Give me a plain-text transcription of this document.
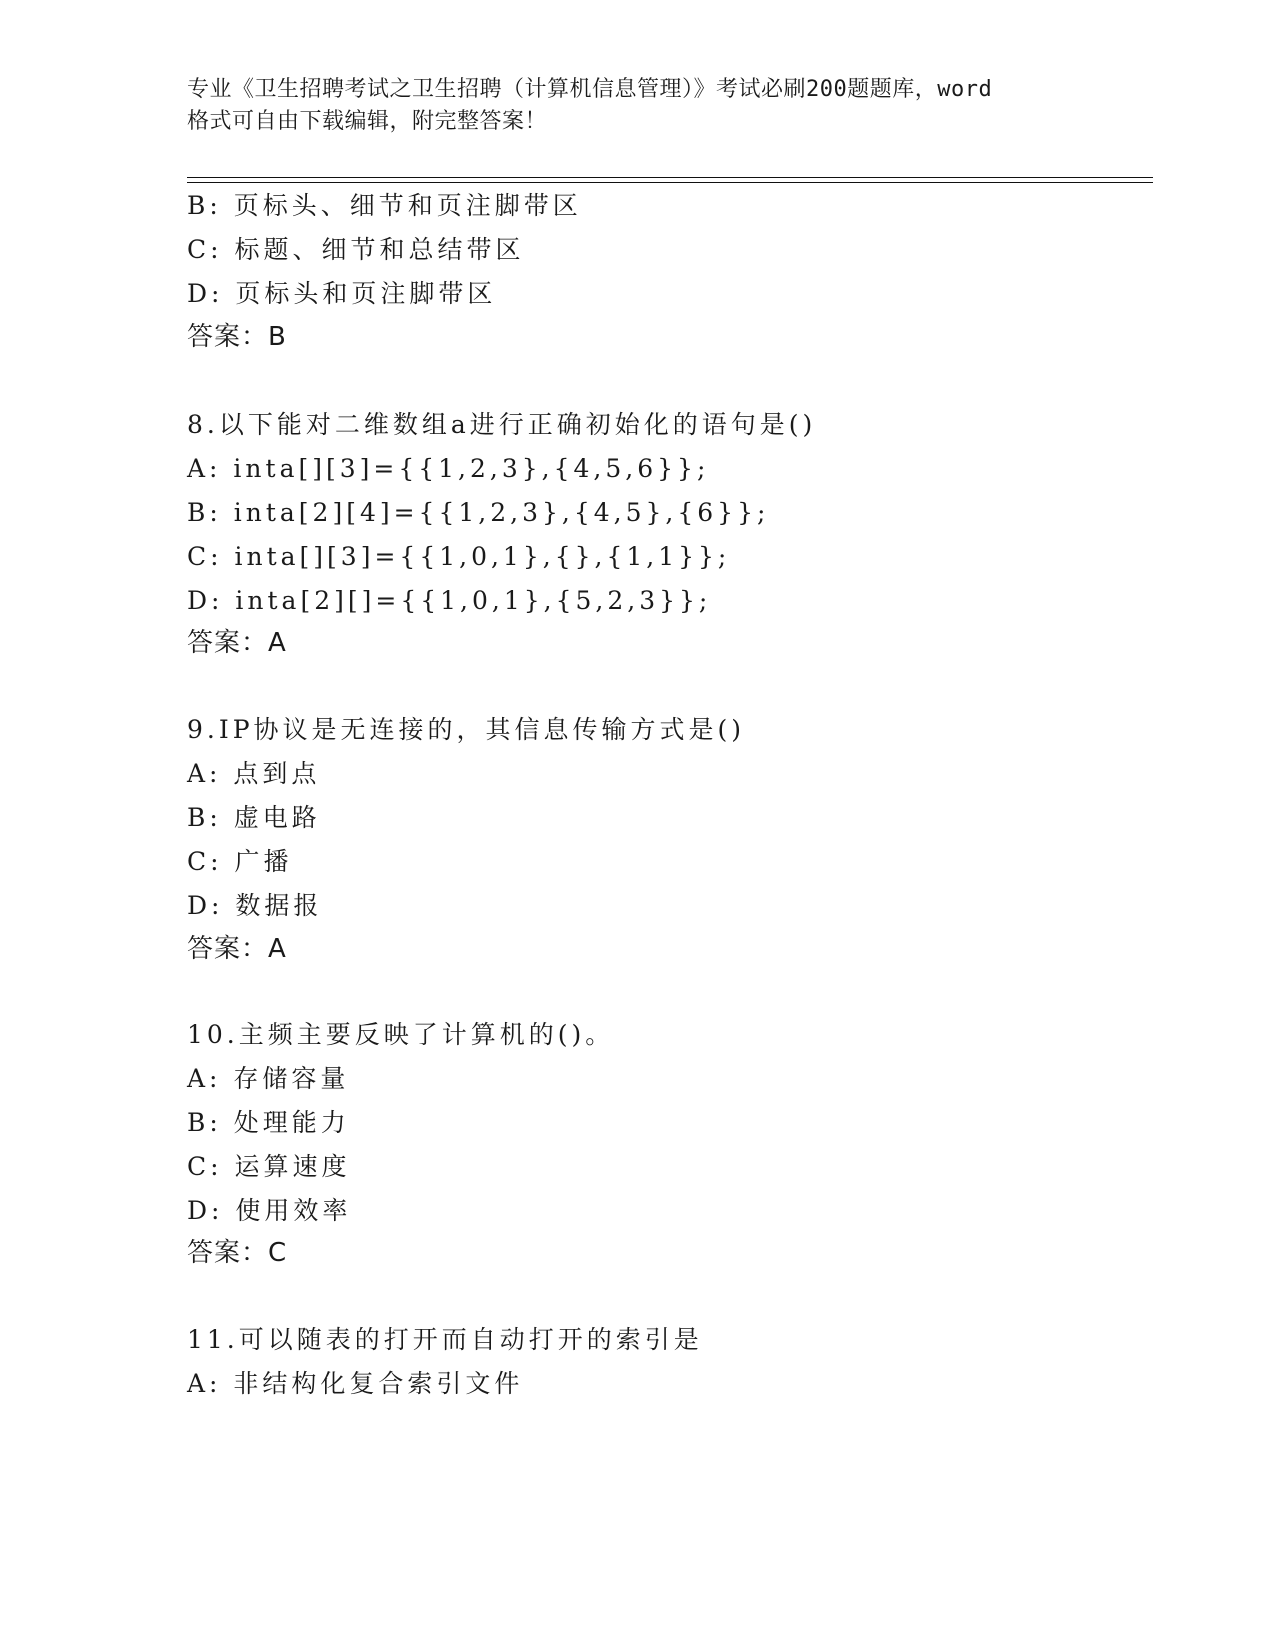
专业《卫生招聘考试之卫生招聘（计算机信息管理）》考试必刷200题题库，word
格式可自由下载编辑，附完整答案！
B: 页标头、细节和页注脚带区
C: 标题、细节和总结带区
D: 页标头和页注脚带区
答案：B
8.以下能对二维数组a进行正确初始化的语句是()
A: inta[][3]={{1,2,3},{4,5,6}};
B: inta[2][4]={{1,2,3},{4,5},{6}};
C: inta[][3]={{1,0,1},{},{1,1}};
D: inta[2][]={{1,0,1},{5,2,3}};
答案：A
9.IP协议是无连接的，其信息传输方式是()
A: 点到点
B: 虚电路
C: 广播
D: 数据报
答案：A
10.主频主要反映了计算机的()。
A: 存储容量
B: 处理能力
C: 运算速度
D: 使用效率
答案：C
11.可以随表的打开而自动打开的索引是
A: 非结构化复合索引文件
